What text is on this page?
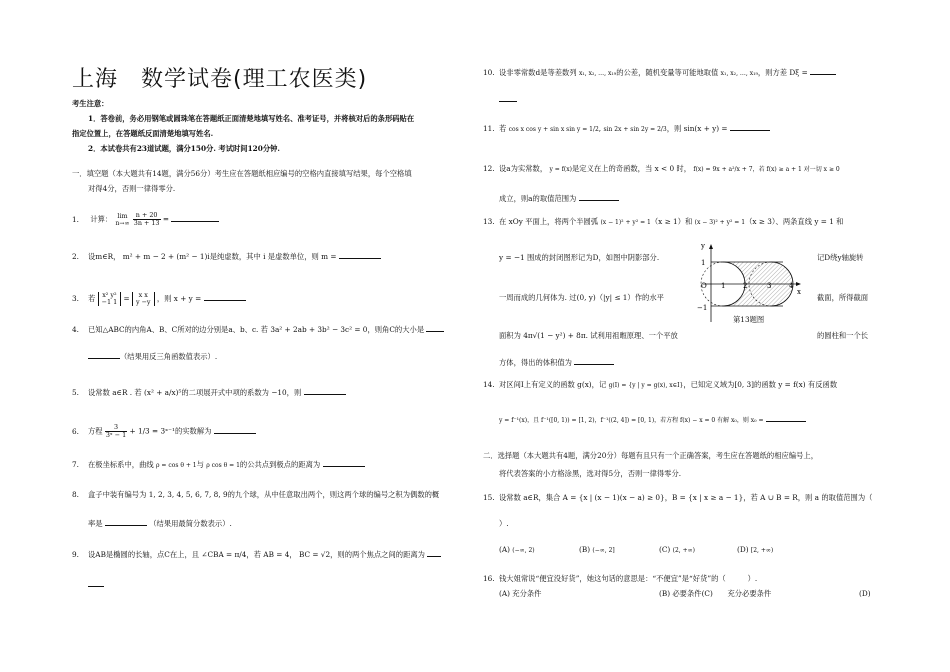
上海　数学试卷(理工农医类)
考生注意：
1．答卷前，务必用钢笔或圆珠笔在答题纸正面清楚地填写姓名、准考证号，并将核对后的条形码贴在
指定位置上，在答题纸反面清楚地填写姓名.
2．本试卷共有23道试题，满分150分. 考试时间120分钟.
一．填空题（本大题共有14题，满分56分）考生应在答题纸相应编号的空格内直接填写结果，每个空格填
对得4分，否则一律得零分.
1. 计算： lim
n→∞
$\frac{n + 20}{3n + 13}$ =
2. 设m∈R， m² + m − 2 + (m² − 1)i是纯虚数，其中 i 是虚数单位，则 m =
3. 若 x² y²
−1 1 =	x x
y −y ，则 x + y =
4. 已知△ABC的内角A、B、C所对的边分别是a、b、c. 若 3a² + 2ab + 3b² − 3c² = 0，则角C的大小是
（结果用反三角函数值表示）.
5. 设常数 a∈R . 若 (x² + a/x)⁵的二项展开式中项的系数为 −10，则
6. 方程 $\frac{3}{\text{3ˣ − 1}} + 1/3$ = 3ˣ⁻¹的实数解为
7. 在极坐标系中，曲线 ρ = cos θ + 1与 ρ cos θ = 1的公共点到极点的距离为
8. 盒子中装有编号为 1, 2, 3, 4, 5, 6, 7, 8, 9的九个球，从中任意取出两个，则这两个球的编号之积为偶数的概
率是	（结果用最简分数表示）.
9. 设AB是椭圆的长轴，点C在上，且 ∠CBA = π/4，若 AB = 4， BC = √2，则的两个焦点之间的距离为
10. 设非零常数d是等差数列 x₁, x₂, …, x₁₉的公差，随机变量等可能地取值 x₁, x₂, …, x₁₉，则方差 Dξ =
11. 若 cos x cos y + sin x sin y = 1/2, sin 2x + sin 2y = 2/3，则 sin(x + y) =
12. 设a为实常数， y = f(x)是定义在上的奇函数，当 x < 0 时， f(x) = 9x + a²/x + 7，若 f(x) ≥ a + 1 对一切 x ≥ 0
成立，则a的取值范围为
13. 在 xOy 平面上，将两个半圆弧 (x − 1)² + y² = 1（x ≥ 1）和 (x − 3)² + y² = 1（x ≥ 3）、两条直线 y = 1 和
y = −1 围成的封闭图形记为D，如图中阴影部分.	记D绕y轴旋转
一周而成的几何体为. 过(0, y)（|y| ≤ 1）作的水平	截面，所得截面
面积为 4π√(1 − y²) + 8π. 试利用祖暅原理、一个平放	的圆柱和一个长
方体，得出的体积值为
y
1
−1
O 1	2	3	4
x
第13题图
14. 对区间I上有定义的函数 g(x)，记 g(I) = {y | y = g(x), x∈I}，已知定义域为[0, 3]的函数 y = f(x) 有反函数
y = f⁻¹(x)，且 f⁻¹([0, 1)) = [1, 2)，f⁻¹((2, 4]) = [0, 1)，若方程 f(x) − x = 0 有解 x₀，则 x₀ =
二．选择题（本大题共有4题，满分20分）每题有且只有一个正确答案，考生应在答题纸的相应编号上，
将代表答案的小方格涂黑，选对得5分，否则一律得零分.
15. 设常数 a∈R，集合 A = {x | (x − 1)(x − a) ≥ 0}，B = {x | x ≥ a − 1}，若 A ∪ B = R，则 a 的取值范围为（
）.
(A) (−∞, 2)	(B) (−∞, 2]	(C) (2, +∞)	(D) [2, +∞)
16. 钱大姐常说“便宜没好货”，她这句话的意思是：“不便宜”是“好货”的（　　　）.
(A) 充分条件	(B) 必要条件(C)　　充分必要条件	(D)
